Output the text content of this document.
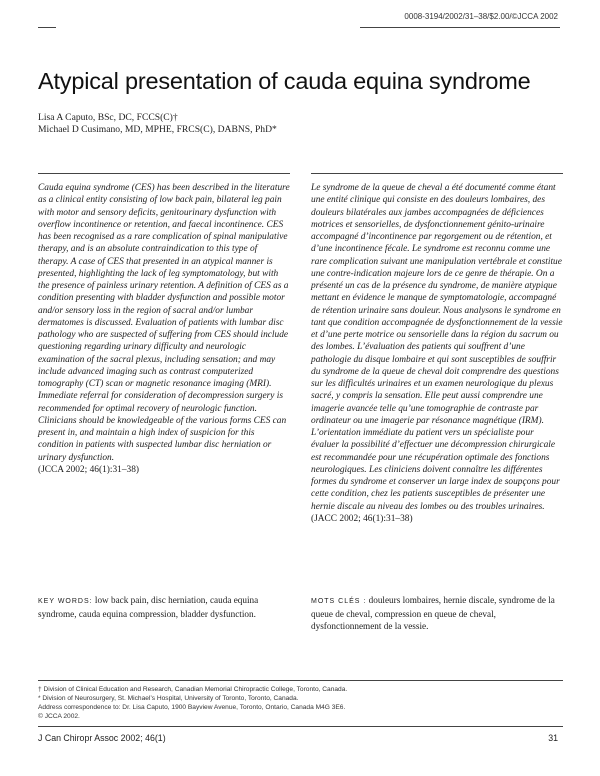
0008-3194/2002/31–38/$2.00/©JCCA 2002
Atypical presentation of cauda equina syndrome
Lisa A Caputo, BSc, DC, FCCS(C)†
Michael D Cusimano, MD, MPHE, FRCS(C), DABNS, PhD*

Cauda equina syndrome (CES) has been described in the literature as a clinical entity consisting of low back pain, bilateral leg pain with motor and sensory deficits, genitourinary dysfunction with overflow incontinence or retention, and faecal incontinence. CES has been recognised as a rare complication of spinal manipulative therapy, and is an absolute contraindication to this type of therapy. A case of CES that presented in an atypical manner is presented, highlighting the lack of leg symptomatology, but with the presence of painless urinary retention. A definition of CES as a condition presenting with bladder dysfunction and possible motor and/or sensory loss in the region of sacral and/or lumbar dermatomes is discussed. Evaluation of patients with lumbar disc pathology who are suspected of suffering from CES should include questioning regarding urinary difficulty and neurologic examination of the sacral plexus, including sensation; and may include advanced imaging such as contrast computerized tomography (CT) scan or magnetic resonance imaging (MRI). Immediate referral for consideration of decompression surgery is recommended for optimal recovery of neurologic function. Clinicians should be knowledgeable of the various forms CES can present in, and maintain a high index of suspicion for this condition in patients with suspected lumbar disc herniation or urinary dysfunction.

(JCCA 2002; 46(1):31–38)

Le syndrome de la queue de cheval a été documenté comme étant une entité clinique qui consiste en des douleurs lombaires, des douleurs bilatérales aux jambes accompagnées de déficiences motrices et sensorielles, de dysfonctionnement génito-urinaire accompagné d’incontinence par regorgement ou de rétention, et d’une incontinence fécale. Le syndrome est reconnu comme une rare complication suivant une manipulation vertébrale et constitue une contre-indication majeure lors de ce genre de thérapie. On a présenté un cas de la présence du syndrome, de manière atypique mettant en évidence le manque de symptomatologie, accompagné de rétention urinaire sans douleur. Nous analysons le syndrome en tant que condition accompagnée de dysfonctionnement de la vessie et d’une perte motrice ou sensorielle dans la région du sacrum ou des lombes. L’évaluation des patients qui souffrent d’une pathologie du disque lombaire et qui sont susceptibles de souffrir du syndrome de la queue de cheval doit comprendre des questions sur les difficultés urinaires et un examen neurologique du plexus sacré, y compris la sensation. Elle peut aussi comprendre une imagerie avancée telle qu’une tomographie de contraste par ordinateur ou une imagerie par résonance magnétique (IRM). L’orientation immédiate du patient vers un spécialiste pour évaluer la possibilité d’effectuer une décompression chirurgicale est recommandée pour une récupération optimale des fonctions neurologiques. Les cliniciens doivent connaître les différentes formes du syndrome et conserver un large index de soupçons pour cette condition, chez les patients susceptibles de présenter une hernie discale au niveau des lombes ou des troubles urinaires.

(JACC 2002; 46(1):31–38)

KEY WORDS: low back pain, disc herniation, cauda equina syndrome, cauda equina compression, bladder dysfunction.
MOTS CLÉS : douleurs lombaires, hernie discale, syndrome de la queue de cheval, compression en queue de cheval, dysfonctionnement de la vessie.
† Division of Clinical Education and Research, Canadian Memorial Chiropractic College, Toronto, Canada.
* Division of Neurosurgery, St. Michael’s Hospital, University of Toronto, Toronto, Canada.
Address correspondence to: Dr. Lisa Caputo, 1900 Bayview Avenue, Toronto, Ontario, Canada M4G 3E6.
© JCCA 2002.
J Can Chiropr Assoc 2002; 46(1)	31
